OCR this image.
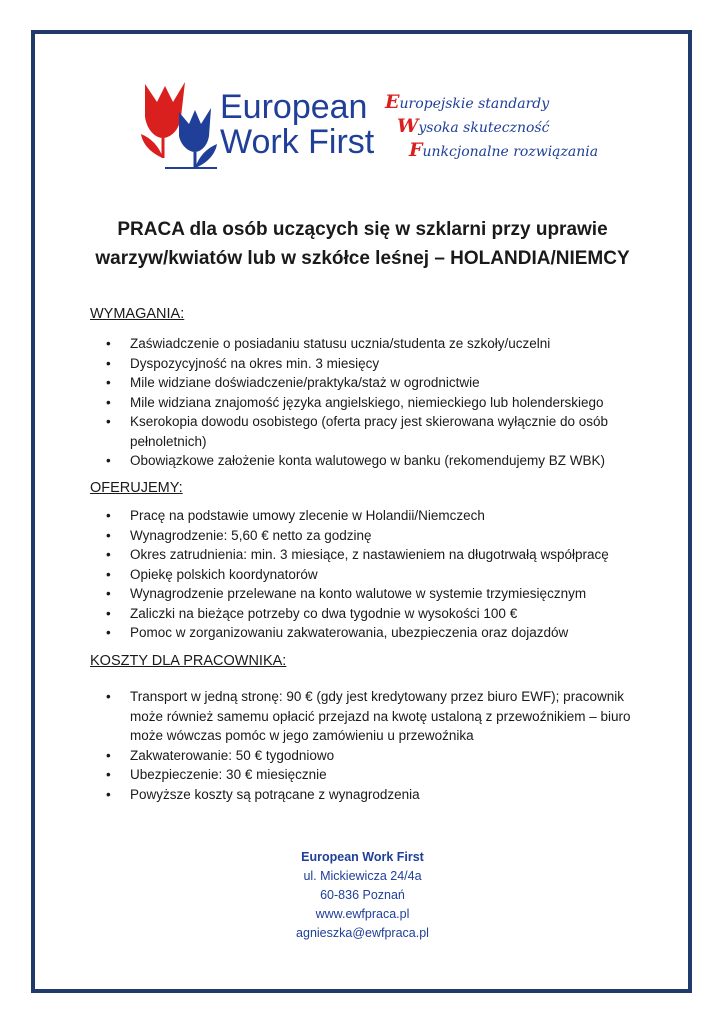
European
Work First
Europejskie standardy
Wysoka skuteczność
Funkcjonalne rozwiązania
PRACA dla osób uczących się w szklarni przy uprawie
warzyw/kwiatów lub w szkółce leśnej – HOLANDIA/NIEMCY
WYMAGANIA:
• Zaświadczenie o posiadaniu statusu ucznia/studenta ze szkoły/uczelni
• Dyspozycyjność na okres min. 3 miesięcy
• Mile widziane doświadczenie/praktyka/staż w ogrodnictwie
• Mile widziana znajomość języka angielskiego, niemieckiego lub holenderskiego
• Kserokopia dowodu osobistego (oferta pracy jest skierowana wyłącznie do osób pełnoletnich)
• Obowiązkowe założenie konta walutowego w banku (rekomendujemy BZ WBK)
OFERUJEMY:
• Pracę na podstawie umowy zlecenie w Holandii/Niemczech
• Wynagrodzenie: 5,60 € netto za godzinę
• Okres zatrudnienia: min. 3 miesiące, z nastawieniem na długotrwałą współpracę
• Opiekę polskich koordynatorów
• Wynagrodzenie przelewane na konto walutowe w systemie trzymiesięcznym
• Zaliczki na bieżące potrzeby co dwa tygodnie w wysokości 100 €
• Pomoc w zorganizowaniu zakwaterowania, ubezpieczenia oraz dojazdów
KOSZTY DLA PRACOWNIKA:
• Transport w jedną stronę: 90 € (gdy jest kredytowany przez biuro EWF); pracownik może również samemu opłacić przejazd na kwotę ustaloną z przewoźnikiem – biuro może wówczas pomóc w jego zamówieniu u przewoźnika
• Zakwaterowanie: 50 € tygodniowo
• Ubezpieczenie: 30 € miesięcznie
• Powyższe koszty są potrącane z wynagrodzenia
European Work First
ul. Mickiewicza 24/4a
60-836 Poznań
www.ewfpraca.pl
agnieszka@ewfpraca.pl
